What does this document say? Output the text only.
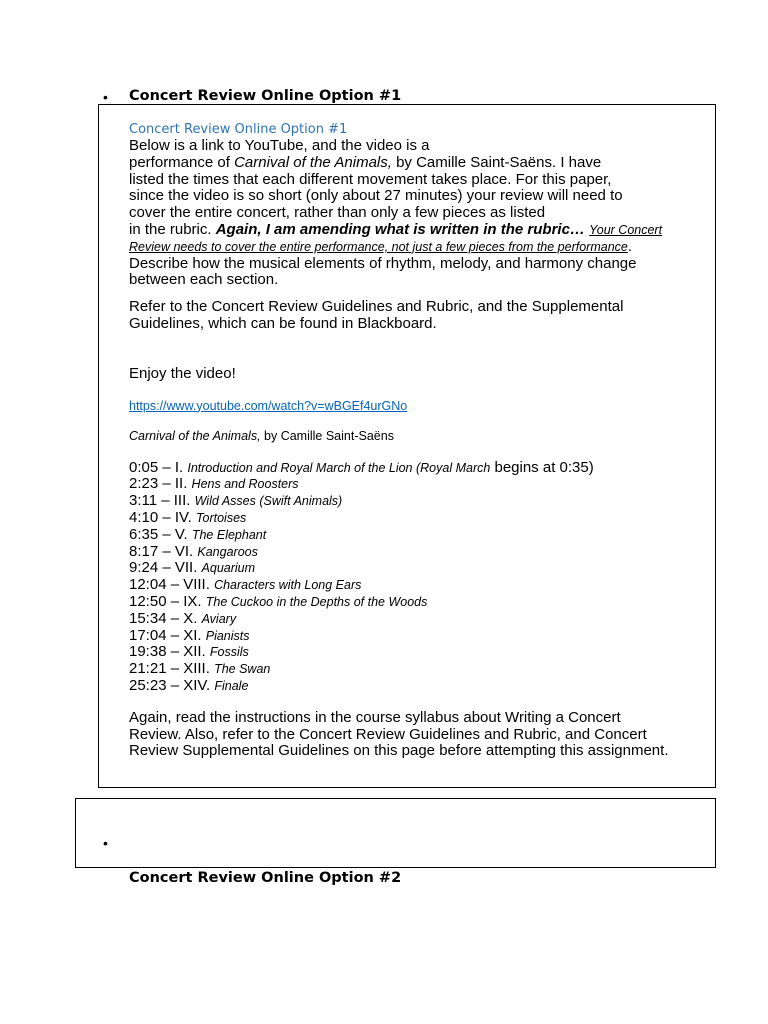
• Concert Review Online Option #1
Concert Review Online Option #1
Below is a link to YouTube, and the video is a
performance of Carnival of the Animals, by Camille Saint-Saëns. I have
listed the times that each different movement takes place. For this paper,
since the video is so short (only about 27 minutes) your review will need to
cover the entire concert, rather than only a few pieces as listed
in the rubric. Again, I am amending what is written in the rubric… Your Concert
Review needs to cover the entire performance, not just a few pieces from the performance.
Describe how the musical elements of rhythm, melody, and harmony change
between each section.
Refer to the Concert Review Guidelines and Rubric, and the Supplemental
Guidelines, which can be found in Blackboard.
Enjoy the video!
https://www.youtube.com/watch?v=wBGEf4urGNo
Carnival of the Animals, by Camille Saint-Saëns
0:05 – I. Introduction and Royal March of the Lion (Royal March begins at 0:35)
2:23 – II. Hens and Roosters
3:11 – III. Wild Asses (Swift Animals)
4:10 – IV. Tortoises
6:35 – V. The Elephant
8:17 – VI. Kangaroos
9:24 – VII. Aquarium
12:04 – VIII. Characters with Long Ears
12:50 – IX. The Cuckoo in the Depths of the Woods
15:34 – X. Aviary
17:04 – XI. Pianists
19:38 – XII. Fossils
21:21 – XIII. The Swan
25:23 – XIV. Finale
Again, read the instructions in the course syllabus about Writing a Concert
Review. Also, refer to the Concert Review Guidelines and Rubric, and Concert
Review Supplemental Guidelines on this page before attempting this assignment.
•
Concert Review Online Option #2
